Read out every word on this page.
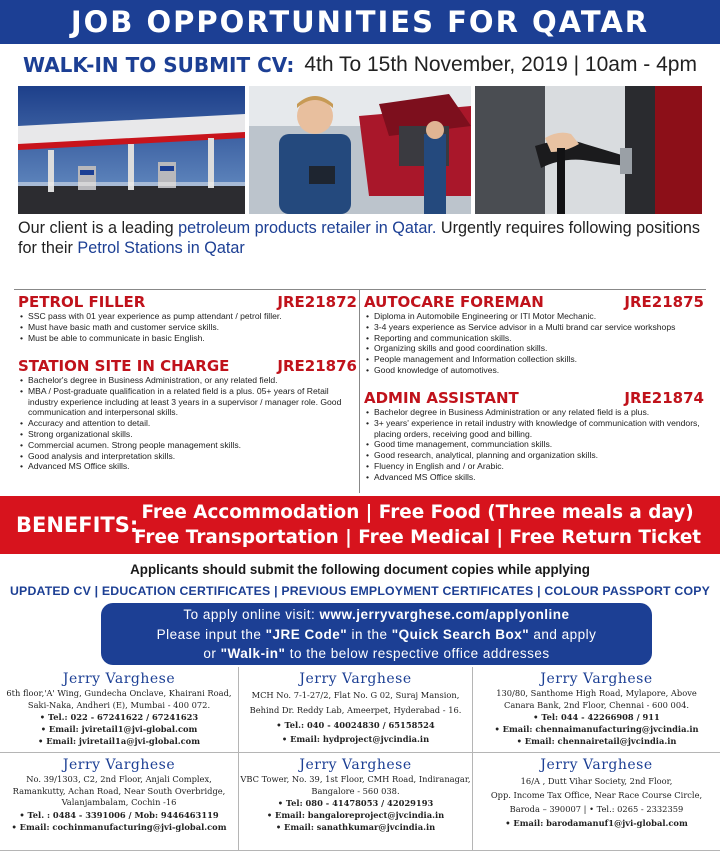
JOB OPPORTUNITIES FOR QATAR
WALK-IN TO SUBMIT CV: 4th To 15th November, 2019 | 10am - 4pm

Our client is a leading petroleum products retailer in Qatar. Urgently requires following positions for their Petrol Stations in Qatar

PETROL FILLER	JRE21872
• SSC pass with 01 year experience as pump attendant / petrol filler.
• Must have basic math and customer service skills.
• Must be able to communicate in basic English.
STATION SITE IN CHARGE	JRE21876
• Bachelor's degree in Business Administration, or any related field.
• MBA / Post-graduate qualification in a related field is a plus. 05+ years of Retail industry experience including at least 3 years in a supervisor / manager role. Good communication and interpersonal skills.
• Accuracy and attention to detail.
• Strong organizational skills.
• Commercial acumen. Strong people management skills.
• Good analysis and interpretation skills.
• Advanced MS Office skills.
AUTOCARE FOREMAN	JRE21875
• Diploma in Automobile Engineering or ITI Motor Mechanic.
• 3-4 years experience as Service advisor in a Multi brand car service workshops
• Reporting and communication skills.
• Organizing skills and good coordination skills.
• People management and Information collection skills.
• Good knowledge of automotives.
ADMIN ASSISTANT	JRE21874
• Bachelor degree in Business Administration or any related field is a plus.
• 3+ years' experience in retail industry with knowledge of communication with vendors, placing orders, receiving good and billing.
• Good time management, communciation skills.
• Good research, analytical, planning and organization skills.
• Fluency in English and / or Arabic.
• Advanced MS Office skills.
BENEFITS:
Free Accommodation | Free Food (Three meals a day)
Free Transportation | Free Medical | Free Return Ticket
Applicants should submit the following document copies while applying
UPDATED CV | EDUCATION CERTIFICATES | PREVIOUS EMPLOYMENT CERTIFICATES | COLOUR PASSPORT COPY
To apply online visit: www.jerryvarghese.com/applyonline
Please input the "JRE Code" in the "Quick Search Box" and apply
or "Walk-in" to the below respective office addresses
Jerry Varghese
6th floor,'A' Wing, Gundecha Onclave, Khairani Road,
Saki-Naka, Andheri (E), Mumbai - 400 072.
• Tel.: 022 - 67241622 / 67241623
• Email: jviretail1@jvi-global.com
• Email: jviretail1a@jvi-global.com
Jerry Varghese
MCH No. 7-1-27/2, Flat No. G 02, Suraj Mansion,
Behind Dr. Reddy Lab, Ameerpet, Hyderabad - 16.
• Tel.: 040 - 40024830 / 65158524
• Email: hydproject@jvcindia.in
Jerry Varghese
130/80, Santhome High Road, Mylapore, Above
Canara Bank, 2nd Floor, Chennai - 600 004.
• Tel: 044 - 42266908 / 911
• Email: chennaimanufacturing@jvcindia.in
• Email: chennairetail@jvcindia.in
Jerry Varghese
No. 39/1303, C2, 2nd Floor, Anjali Complex,
Ramankutty, Achan Road, Near South Overbridge,
Valanjambalam, Cochin -16
• Tel. : 0484 - 3391006 / Mob: 9446463119
• Email: cochinmanufacturing@jvi-global.com
Jerry Varghese
VBC Tower, No. 39, 1st Floor, CMH Road, Indiranagar,
Bangalore - 560 038.
• Tel: 080 - 41478053 / 42029193
• Email: bangaloreproject@jvcindia.in
• Email: sanathkumar@jvcindia.in
Jerry Varghese
16/A , Dutt Vihar Society, 2nd Floor,
Opp. Income Tax Office, Near Race Course Circle,
Baroda – 390007 | • Tel.: 0265 - 2332359
• Email: barodamanuf1@jvi-global.com
